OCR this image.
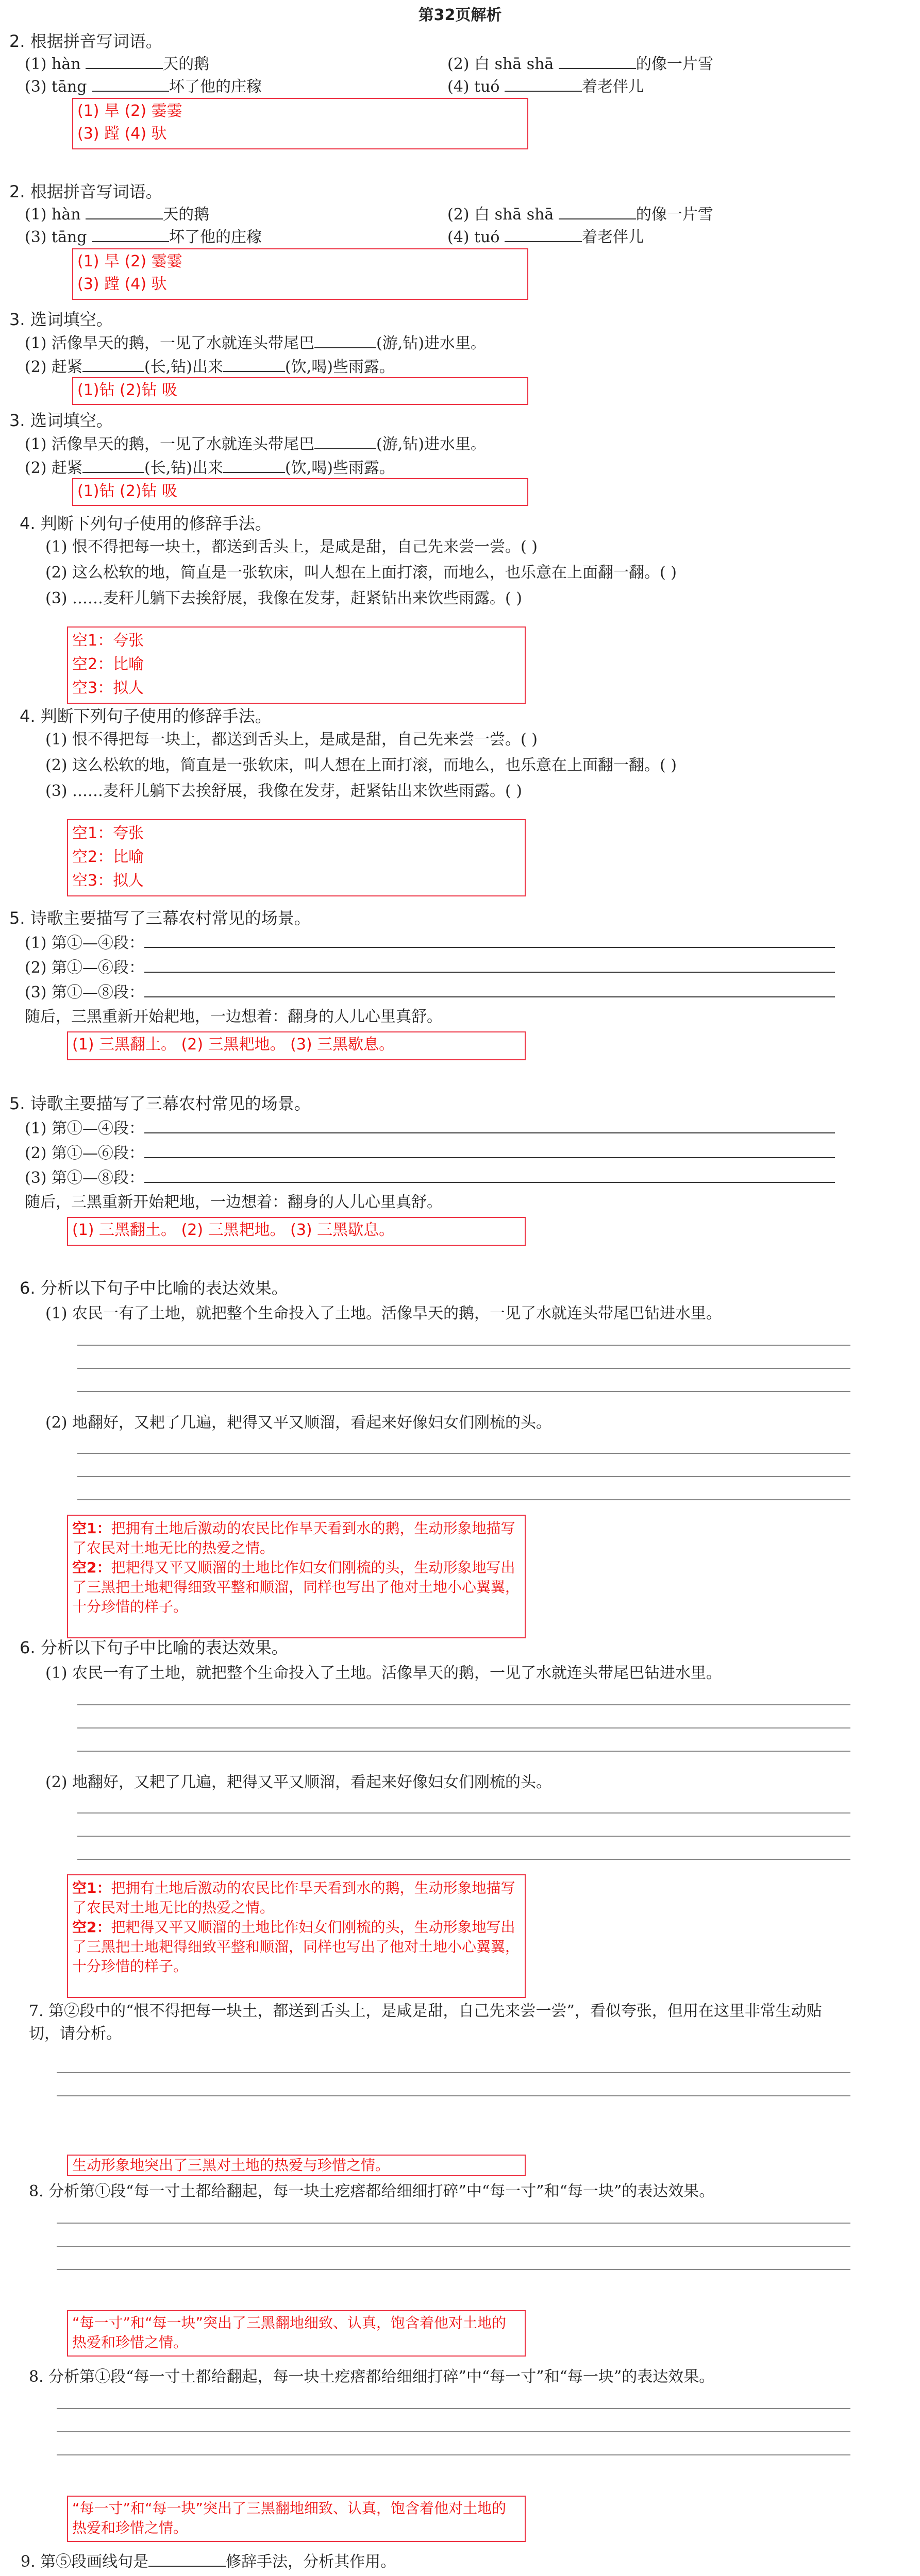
第32页解析
2. 根据拼音写词语。
(1) hàn	天的鹅	(2) 白 shā shā	的像一片雪
(3) tāng	坏了他的庄稼	(4) tuó	着老伴儿
(1) 旱 (2) 霎霎
(3) 蹚 (4) 驮
2. 根据拼音写词语。
(1) hàn	天的鹅	(2) 白 shā shā	的像一片雪
(3) tāng	坏了他的庄稼	(4) tuó	着老伴儿
(1) 旱 (2) 霎霎
(3) 蹚 (4) 驮
3. 选词填空。
(1) 活像旱天的鹅，一见了水就连头带尾巴	(游,钻)进水里。
(2) 赶紧	(长,钻)出来	(饮,喝)些雨露。
(1)钻 (2)钻 吸
3. 选词填空。
(1) 活像旱天的鹅，一见了水就连头带尾巴	(游,钻)进水里。
(2) 赶紧	(长,钻)出来	(饮,喝)些雨露。
(1)钻 (2)钻 吸
4. 判断下列句子使用的修辞手法。
(1) 恨不得把每一块土，都送到舌头上，是咸是甜，自己先来尝一尝。( )
(2) 这么松软的地，简直是一张软床，叫人想在上面打滚，而地么，也乐意在上面翻一翻。( )
(3) ……麦秆儿躺下去挨舒展，我像在发芽，赶紧钻出来饮些雨露。( )
空1：夸张
空2：比喻
空3：拟人
4. 判断下列句子使用的修辞手法。
(1) 恨不得把每一块土，都送到舌头上，是咸是甜，自己先来尝一尝。( )
(2) 这么松软的地，简直是一张软床，叫人想在上面打滚，而地么，也乐意在上面翻一翻。( )
(3) ……麦秆儿躺下去挨舒展，我像在发芽，赶紧钻出来饮些雨露。( )
空1：夸张
空2：比喻
空3：拟人
5. 诗歌主要描写了三幕农村常见的场景。
(1) 第①—④段：
(2) 第①—⑥段：
(3) 第①—⑧段：
随后，三黑重新开始耙地，一边想着：翻身的人儿心里真舒。
(1) 三黑翻土。 (2) 三黑耙地。 (3) 三黑歇息。
5. 诗歌主要描写了三幕农村常见的场景。
(1) 第①—④段：
(2) 第①—⑥段：
(3) 第①—⑧段：
随后，三黑重新开始耙地，一边想着：翻身的人儿心里真舒。
(1) 三黑翻土。 (2) 三黑耙地。 (3) 三黑歇息。
6. 分析以下句子中比喻的表达效果。
(1) 农民一有了土地，就把整个生命投入了土地。活像旱天的鹅，一见了水就连头带尾巴钻进水里。
(2) 地翻好，又耙了几遍，耙得又平又顺溜，看起来好像妇女们刚梳的头。
空1：把拥有土地后激动的农民比作旱天看到水的鹅，生动形象地描写了农民对土地无比的热爱之情。
空2：把耙得又平又顺溜的土地比作妇女们刚梳的头，生动形象地写出了三黑把土地耙得细致平整和顺溜，同样也写出了他对土地小心翼翼，十分珍惜的样子。
6. 分析以下句子中比喻的表达效果。
(1) 农民一有了土地，就把整个生命投入了土地。活像旱天的鹅，一见了水就连头带尾巴钻进水里。
(2) 地翻好，又耙了几遍，耙得又平又顺溜，看起来好像妇女们刚梳的头。
空1：把拥有土地后激动的农民比作旱天看到水的鹅，生动形象地描写了农民对土地无比的热爱之情。
空2：把耙得又平又顺溜的土地比作妇女们刚梳的头，生动形象地写出了三黑把土地耙得细致平整和顺溜，同样也写出了他对土地小心翼翼，十分珍惜的样子。
7. 第②段中的“恨不得把每一块土，都送到舌头上，是咸是甜，自己先来尝一尝”，看似夸张，但用在这里非常生动贴切，请分析。
生动形象地突出了三黑对土地的热爱与珍惜之情。
8. 分析第①段“每一寸土都给翻起，每一块土疙瘩都给细细打碎”中“每一寸”和“每一块”的表达效果。
“每一寸”和“每一块”突出了三黑翻地细致、认真，饱含着他对土地的热爱和珍惜之情。
8. 分析第①段“每一寸土都给翻起，每一块土疙瘩都给细细打碎”中“每一寸”和“每一块”的表达效果。
“每一寸”和“每一块”突出了三黑翻地细致、认真，饱含着他对土地的热爱和珍惜之情。
9. 第⑤段画线句是	修辞手法，分析其作用。
